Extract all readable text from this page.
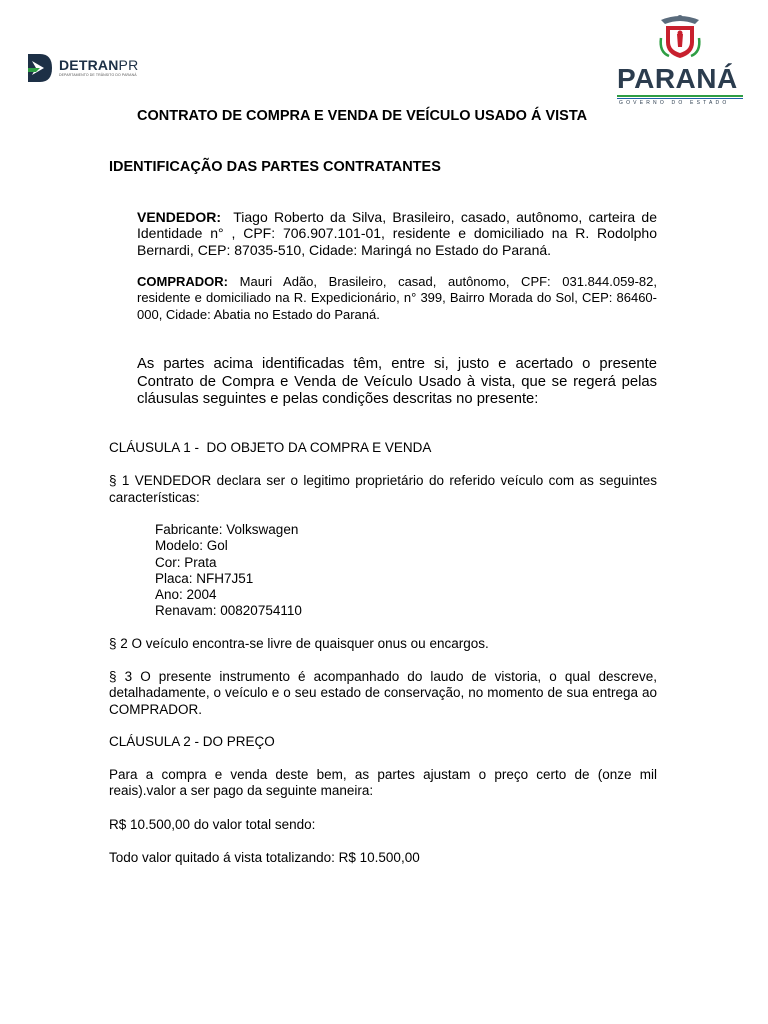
DETRANPR
DEPARTAMENTO DE TRÂNSITO DO PARANÁ	PARANÁ
GOVERNO DO ESTADO
CONTRATO DE COMPRA E VENDA DE VEÍCULO USADO Á VISTA
IDENTIFICAÇÃO DAS PARTES CONTRATANTES
VENDEDOR: Tiago Roberto da Silva, Brasileiro, casado, autônomo, carteira de Identidade n° , CPF: 706.907.101-01, residente e domiciliado na R. Rodolpho Bernardi, CEP: 87035-510, Cidade: Maringá no Estado do Paraná.
COMPRADOR: Mauri Adão, Brasileiro, casad, autônomo, CPF: 031.844.059-82, residente e domiciliado na R. Expedicionário, n° 399, Bairro Morada do Sol, CEP: 86460-000, Cidade: Abatia no Estado do Paraná.
As partes acima identificadas têm, entre si, justo e acertado o presente Contrato de Compra e Venda de Veículo Usado à vista, que se regerá pelas cláusulas seguintes e pelas condições descritas no presente:
CLÁUSULA 1 -  DO OBJETO DA COMPRA E VENDA
§ 1 VENDEDOR declara ser o legitimo proprietário do referido veículo com as seguintes características:
Fabricante: Volkswagen
Modelo: Gol
Cor: Prata
Placa: NFH7J51
Ano: 2004
Renavam: 00820754110
§ 2 O veículo encontra-se livre de quaisquer onus ou encargos.
§ 3 O presente instrumento é acompanhado do laudo de vistoria, o qual descreve, detalhadamente, o veículo e o seu estado de conservação, no momento de sua entrega ao COMPRADOR.
CLÁUSULA 2 - DO PREÇO
Para a compra e venda deste bem, as partes ajustam o preço certo de (onze mil reais).valor a ser pago da seguinte maneira:
R$ 10.500,00 do valor total sendo:
Todo valor quitado á vista totalizando: R$ 10.500,00
